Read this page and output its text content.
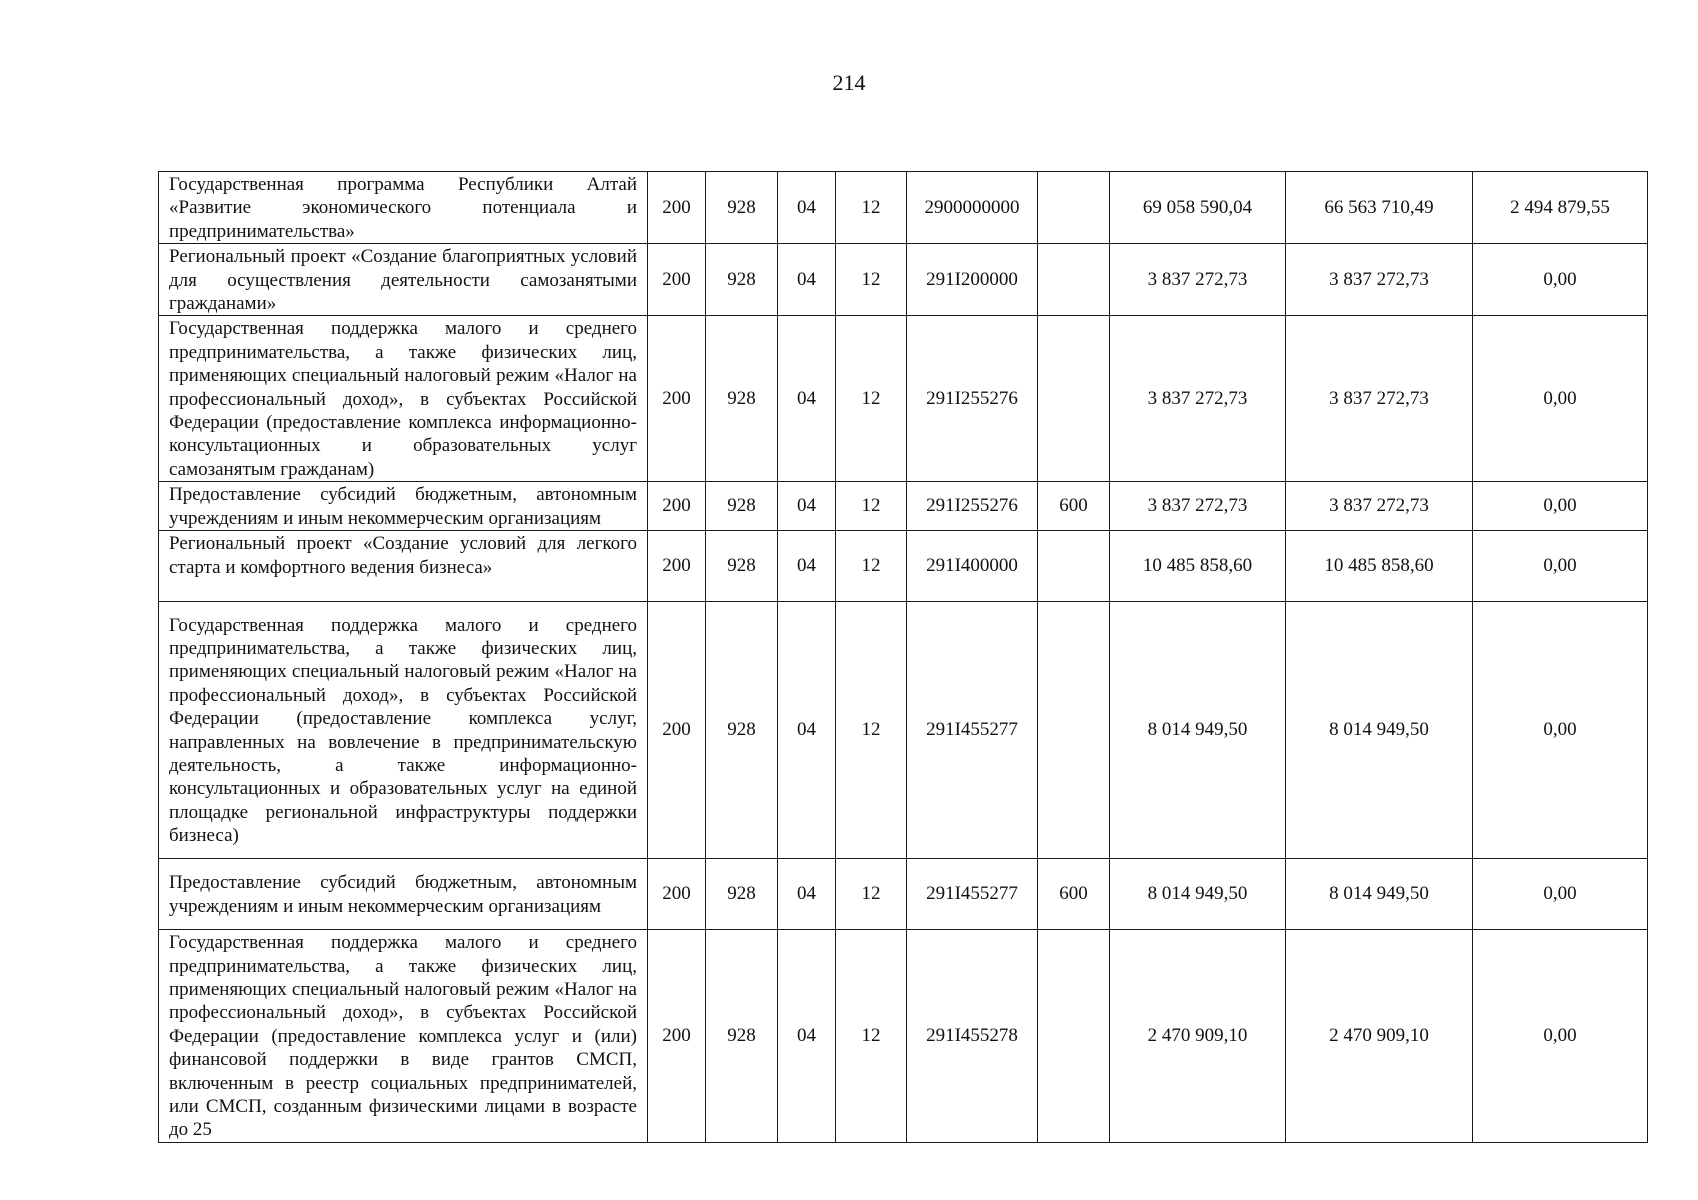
214
Государственная программа Республики Алтай «Развитие экономического потенциала и предпринимательства»	200	928	04	12	2900000000		69 058 590,04	66 563 710,49	2 494 879,55
Региональный проект «Создание благоприятных условий для осуществления деятельности самозанятыми гражданами»	200	928	04	12	291I200000		3 837 272,73	3 837 272,73	0,00
Государственная поддержка малого и среднего предпринимательства, а также физических лиц, применяющих специальный налоговый режим «Налог на профессиональный доход», в субъектах Российской Федерации (предоставление комплекса информационно-консультационных и образовательных услуг самозанятым гражданам)	200	928	04	12	291I255276		3 837 272,73	3 837 272,73	0,00
Предоставление субсидий бюджетным, автономным учреждениям и иным некоммерческим организациям	200	928	04	12	291I255276	600	3 837 272,73	3 837 272,73	0,00
Региональный проект «Создание условий для легкого старта и комфортного ведения бизнеса»	200	928	04	12	291I400000		10 485 858,60	10 485 858,60	0,00
Государственная поддержка малого и среднего предпринимательства, а также физических лиц, применяющих специальный налоговый режим «Налог на профессиональный доход», в субъектах Российской Федерации (предоставление комплекса услуг, направленных на вовлечение в предпринимательскую деятельность, а также информационно-консультационных и образовательных услуг на единой площадке региональной инфраструктуры поддержки бизнеса)	200	928	04	12	291I455277		8 014 949,50	8 014 949,50	0,00
Предоставление субсидий бюджетным, автономным учреждениям и иным некоммерческим организациям	200	928	04	12	291I455277	600	8 014 949,50	8 014 949,50	0,00
Государственная поддержка малого и среднего предпринимательства, а также физических лиц, применяющих специальный налоговый режим «Налог на профессиональный доход», в субъектах Российской Федерации (предоставление комплекса услуг и (или) финансовой поддержки в виде грантов СМСП, включенным в реестр социальных предпринимателей, или СМСП, созданным физическими лицами в возрасте до 25	200	928	04	12	291I455278		2 470 909,10	2 470 909,10	0,00
